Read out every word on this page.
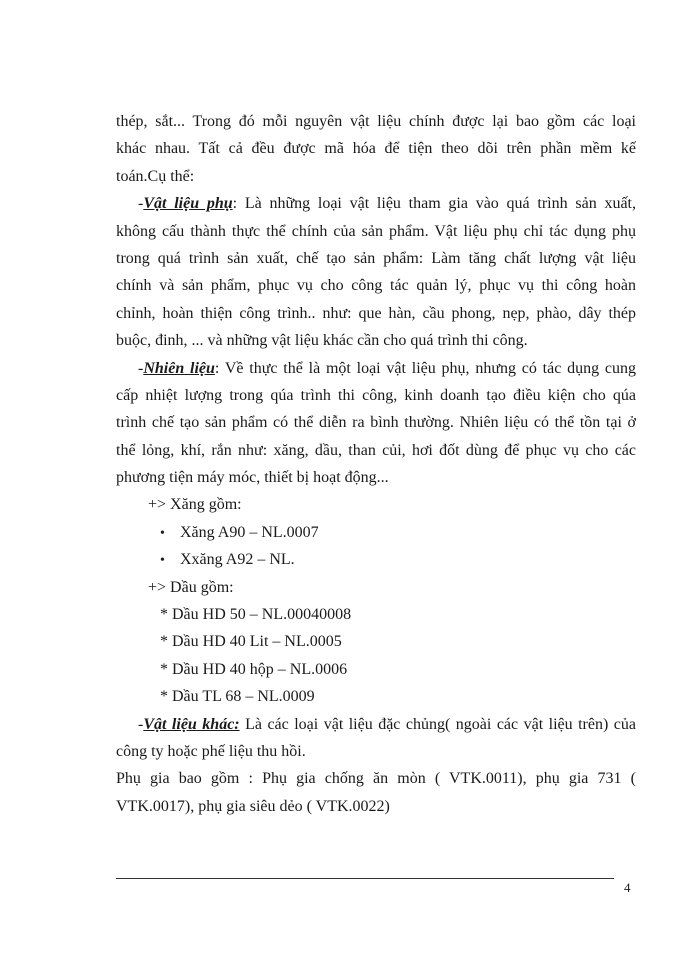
thép, sắt... Trong đó mỗi nguyên vật liệu chính được lại bao gồm các loại
khác nhau. Tất cả đều được mã hóa để tiện theo dõi trên phần mềm kế
toán.Cụ thể:
-Vật liệu phụ: Là những loại vật liệu tham gia vào quá trình sản xuất,
không cấu thành thực thể chính của sản phẩm. Vật liệu phụ chỉ tác dụng phụ
trong quá trình sản xuất, chế tạo sản phẩm: Làm tăng chất lượng vật liệu
chính và sản phẩm, phục vụ cho công tác quản lý, phục vụ thi công hoàn
chỉnh, hoàn thiện công trình.. như: que hàn, cầu phong, nẹp, phào, dây thép
buộc, đinh, ... và những vật liệu khác cần cho quá trình thi công.
-Nhiên liệu: Về thực thể là một loại vật liệu phụ, nhưng có tác dụng cung
cấp nhiệt lượng trong qúa trình thi công, kinh doanh tạo điều kiện cho qúa
trình chế tạo sản phẩm có thể diễn ra bình thường. Nhiên liệu có thể tồn tại ở
thể lỏng, khí, rắn như: xăng, dầu, than củi, hơi đốt dùng để phục vụ cho các
phương tiện máy móc, thiết bị hoạt động...
+> Xăng gồm:
• Xăng A90 – NL.0007
• Xxăng A92 – NL.
+> Dầu gồm:
* Dầu HD 50 – NL.00040008
* Dầu HD 40 Lit – NL.0005
* Dầu HD 40 hộp – NL.0006
* Dầu TL 68 – NL.0009
-Vật liệu khác: Là các loại vật liệu đặc chủng( ngoài các vật liệu trên) của
công ty hoặc phế liệu thu hồi.
Phụ gia bao gồm : Phụ gia chống ăn mòn ( VTK.0011), phụ gia 731 (
VTK.0017), phụ gia siêu dẻo ( VTK.0022)
4
